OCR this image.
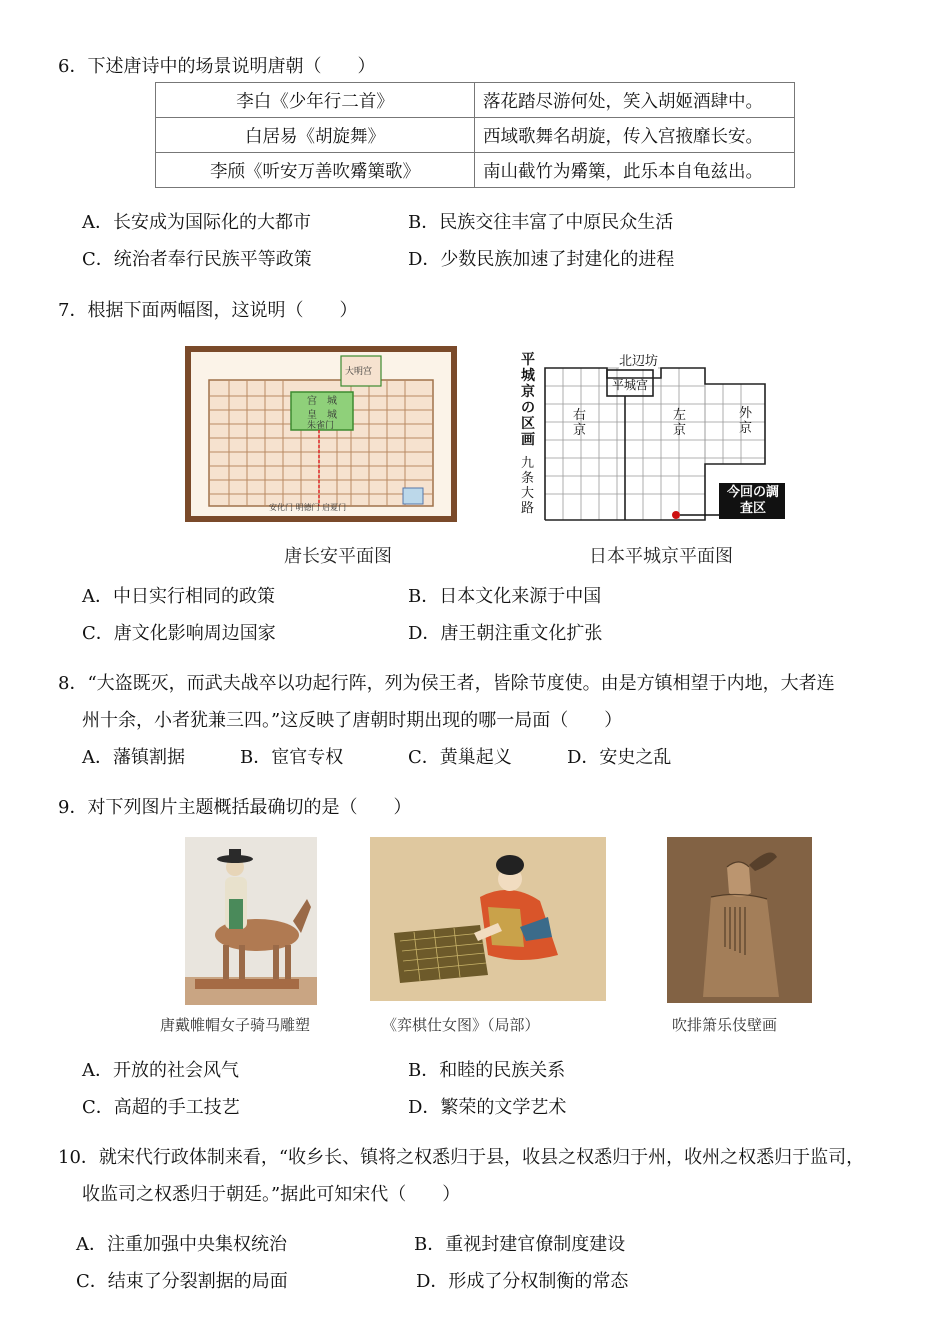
6．下述唐诗中的场景说明唐朝（　　）
李白《少年行二首》	落花踏尽游何处，笑入胡姬酒肆中。
白居易《胡旋舞》	西域歌舞名胡旋，传入宫掖靡长安。
李颀《听安万善吹觱篥歌》	南山截竹为觱篥，此乐本自龟兹出。
A．长安成为国际化的大都市	B．民族交往丰富了中原民众生活
C．统治者奉行民族平等政策	D．少数民族加速了封建化的进程
7．根据下面两幅图，这说明（　　）
宫　城
皇　城
朱雀门
大明宫
安化门 明德门 启夏门
唐长安平面图
平城京の区画
九条大路
北辺坊
平城宫
右京
左京
外京
今回の調査区
日本平城京平面图
A．中日实行相同的政策	B．日本文化来源于中国
C．唐文化影响周边国家	D．唐王朝注重文化扩张
8．“大盗既灭，而武夫战卒以功起行阵，列为侯王者，皆除节度使。由是方镇相望于内地，大者连
州十余，小者犹兼三四。”这反映了唐朝时期出现的哪一局面（　　）
A．藩镇割据	B．宦官专权	C．黄巢起义	D．安史之乱
9．对下列图片主题概括最确切的是（　　）
唐戴帷帽女子骑马雕塑	《弈棋仕女图》（局部）	吹排箫乐伎壁画
A．开放的社会风气	B．和睦的民族关系
C．高超的手工技艺	D．繁荣的文学艺术
10．就宋代行政体制来看，“收乡长、镇将之权悉归于县，收县之权悉归于州，收州之权悉归于监司，
收监司之权悉归于朝廷。”据此可知宋代（　　）
A．注重加强中央集权统治	B．重视封建官僚制度建设
C．结束了分裂割据的局面	D．形成了分权制衡的常态
